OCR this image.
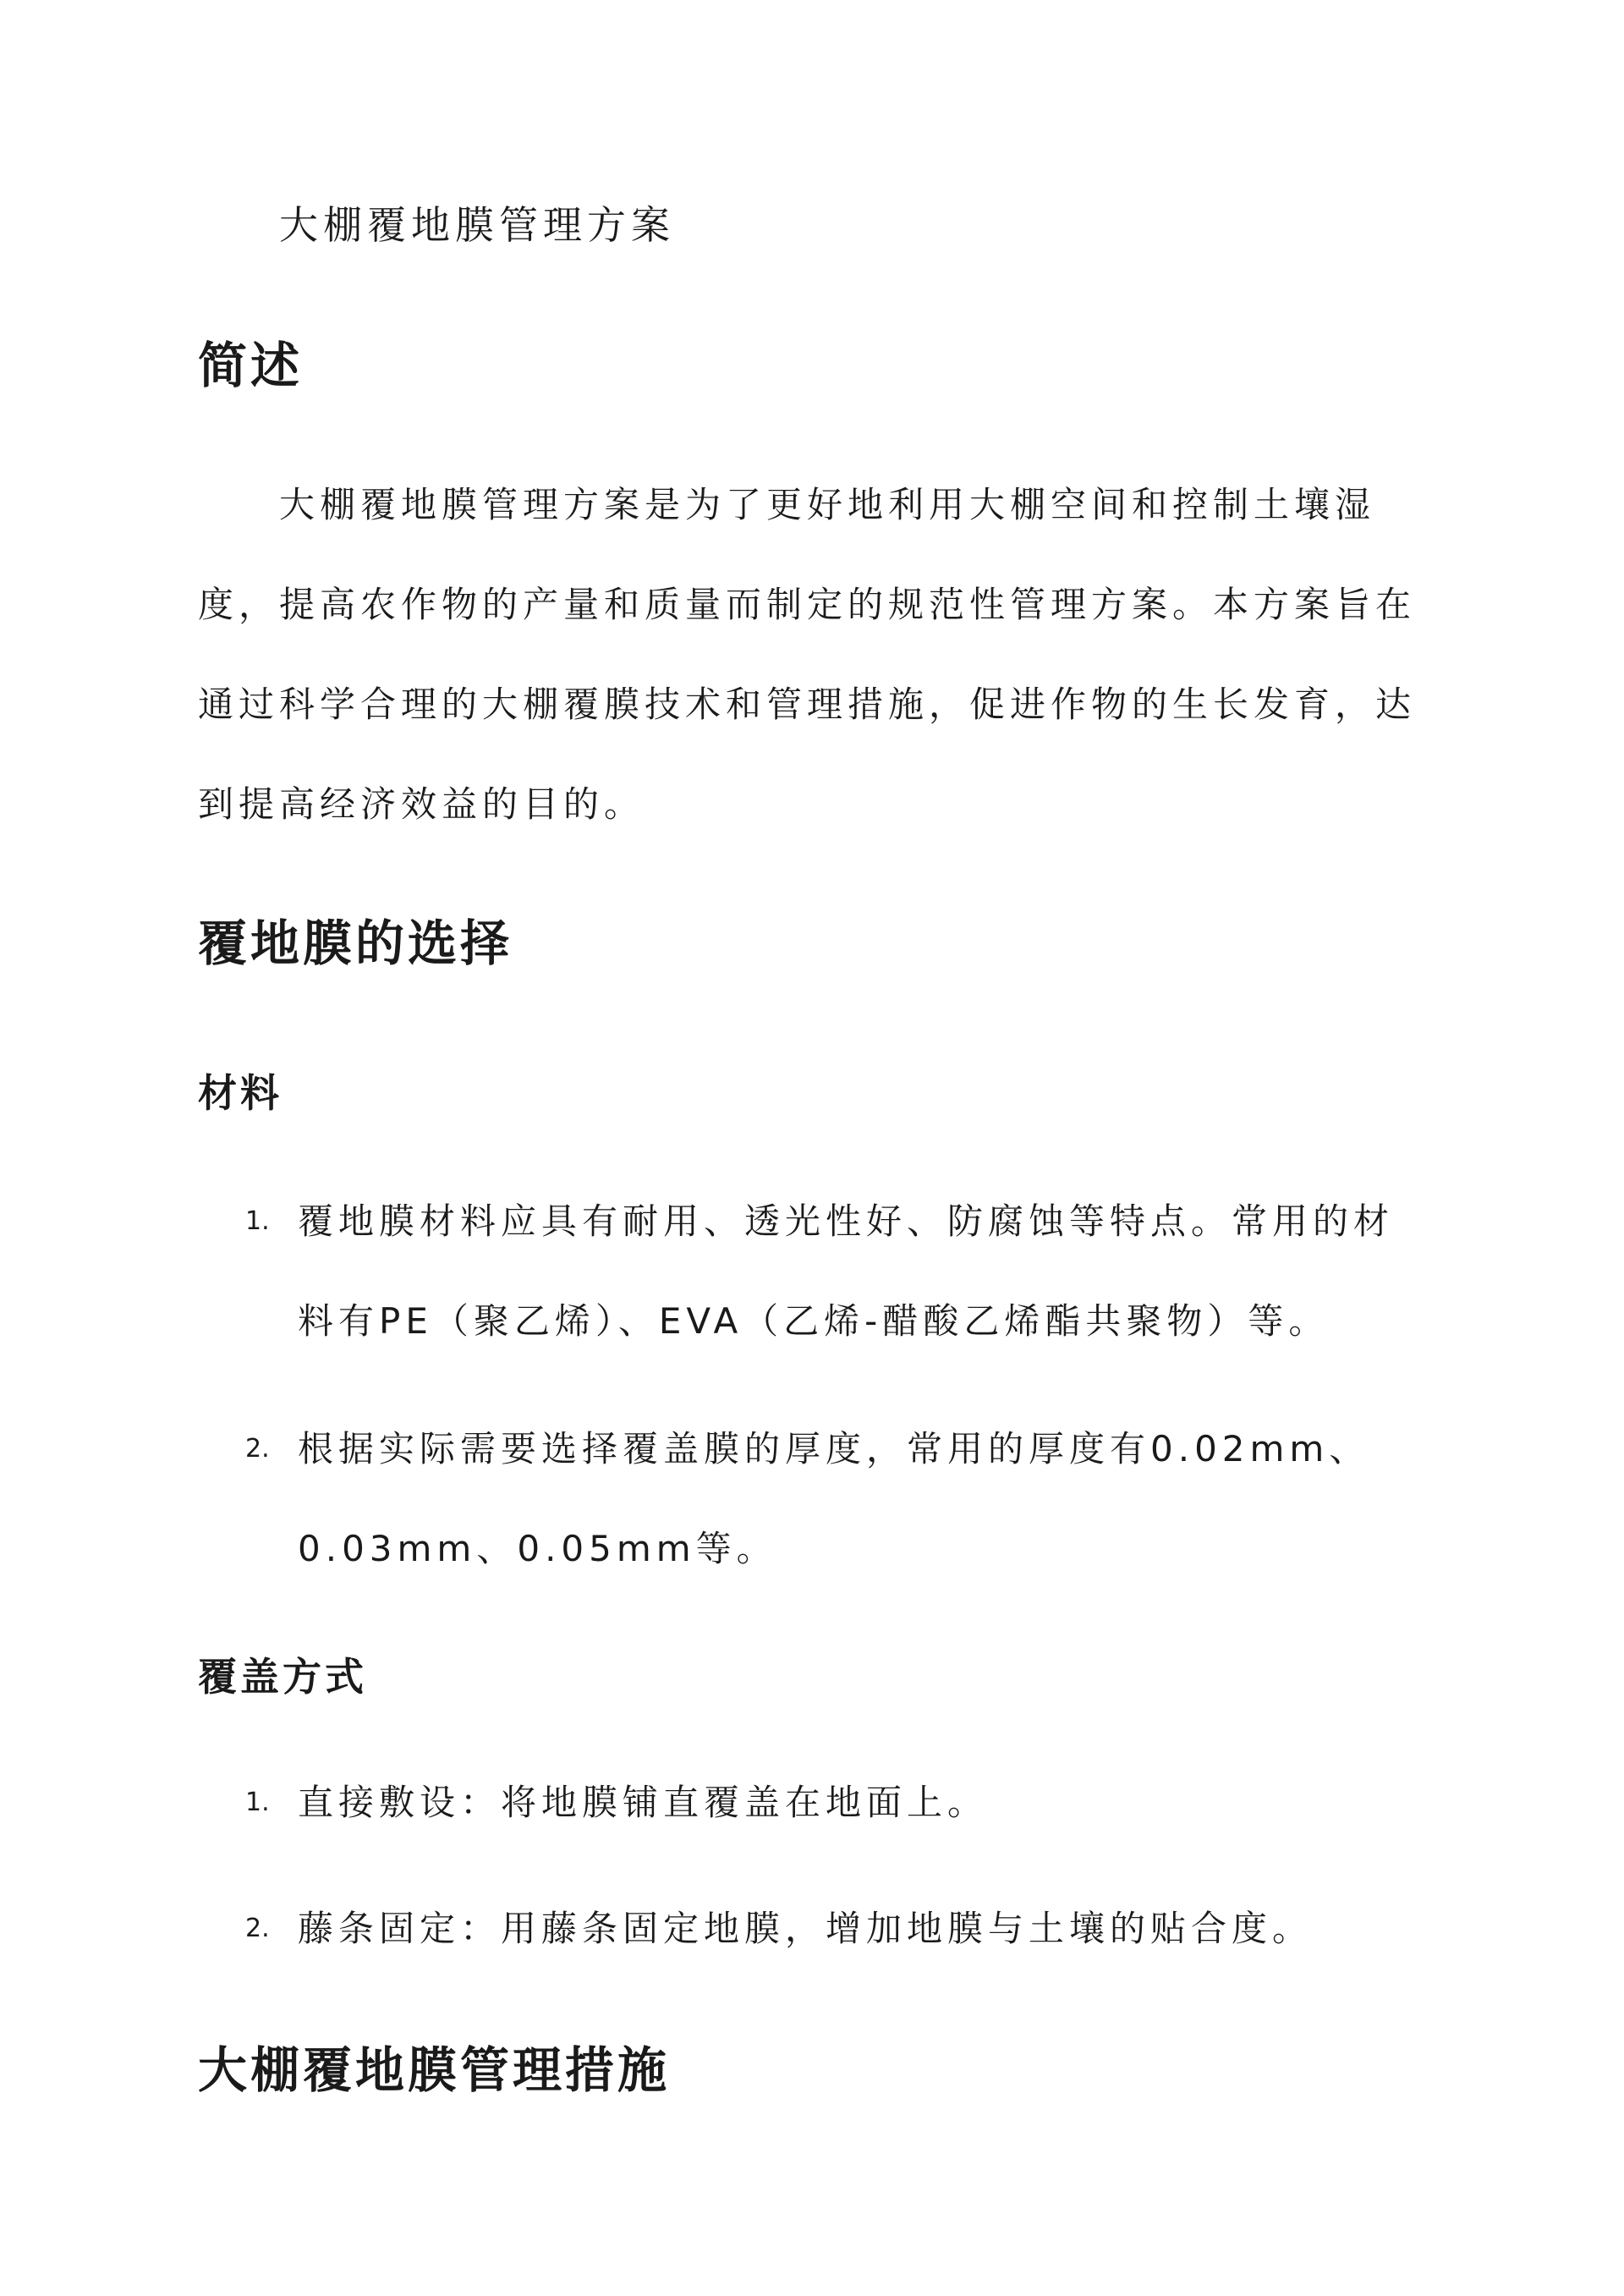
大棚覆地膜管理方案
简述

大棚覆地膜管理方案是为了更好地利用大棚空间和控制土壤湿度，提高农作物的产量和质量而制定的规范性管理方案。本方案旨在通过科学合理的大棚覆膜技术和管理措施，促进作物的生长发育，达到提高经济效益的目的。

覆地膜的选择
材料
1. 覆地膜材料应具有耐用、透光性好、防腐蚀等特点。常用的材料有PE（聚乙烯）、EVA（乙烯-醋酸乙烯酯共聚物）等。
2. 根据实际需要选择覆盖膜的厚度，常用的厚度有0.02mm、0.03mm、0.05mm等。
覆盖方式
1. 直接敷设：将地膜铺直覆盖在地面上。
2. 藤条固定：用藤条固定地膜，增加地膜与土壤的贴合度。
大棚覆地膜管理措施
